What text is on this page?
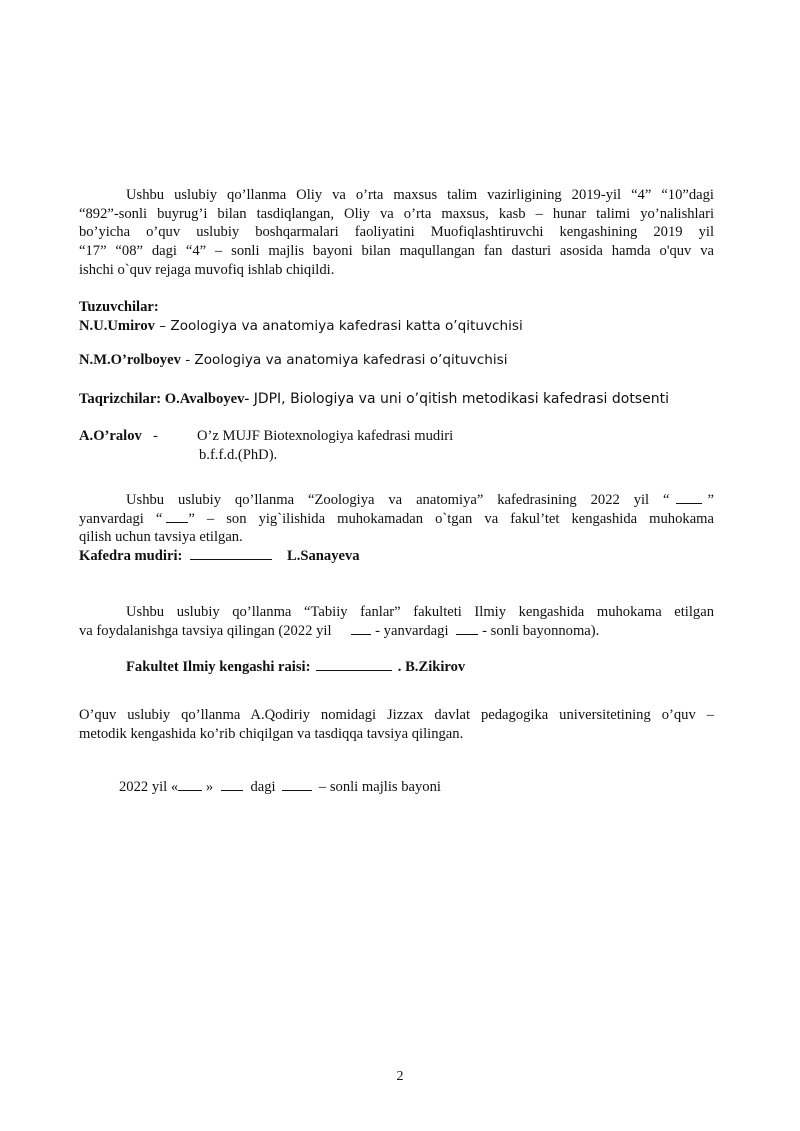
Ushbu uslubiy qo’llanma Oliy va o’rta maxsus talim vazirligining 2019-yil “4” “10”dagi
“892”-sonli buyrug’i bilan tasdiqlangan, Oliy va o’rta maxsus, kasb – hunar talimi yo’nalishlari
bo’yicha o’quv uslubiy boshqarmalari faoliyatini Muofiqlashtiruvchi kengashining 2019 yil
“17” “08” dagi “4” – sonli majlis bayoni bilan maqullangan fan dasturi asosida hamda o'quv va
ishchi o`quv rejaga muvofiq ishlab chiqildi.
Tuzuvchilar:
N.U.Umirov – Zoologiya va anatomiya kafedrasi katta o’qituvchisi
N.M.O’rolboyev - Zoologiya va anatomiya kafedrasi o’qituvchisi
Taqrizchilar: O.Avalboyev- JDPI, Biologiya va uni o’qitish metodikasi kafedrasi dotsenti
A.O’ralov -	O’z MUJF Biotexnologiya kafedrasi mudiri
b.f.f.d.(PhD).
Ushbu uslubiy qo’llanma “Zoologiya va anatomiya” kafedrasining 2022 yil “	”
yanvardagi “ ” – son yig`ilishida muhokamadan o`tgan va fakul’tet kengashida muhokama
qilish uchun tavsiya etilgan.
Kafedra mudiri:	L.Sanayeva
Ushbu uslubiy qo’llanma “Tabiiy fanlar” fakulteti Ilmiy kengashida muhokama etilgan
va foydalanishga tavsiya qilingan (2022 yil	- yanvardagi - sonli bayonnoma).
Fakultet Ilmiy kengashi raisi:	. B.Zikirov
O’quv uslubiy qo’llanma A.Qodiriy nomidagi Jizzax davlat pedagogika universitetining o’quv –
metodik kengashida ko’rib chiqilgan va tasdiqqa tavsiya qilingan.
2022 yil « »	dagi	– sonli majlis bayoni
2
